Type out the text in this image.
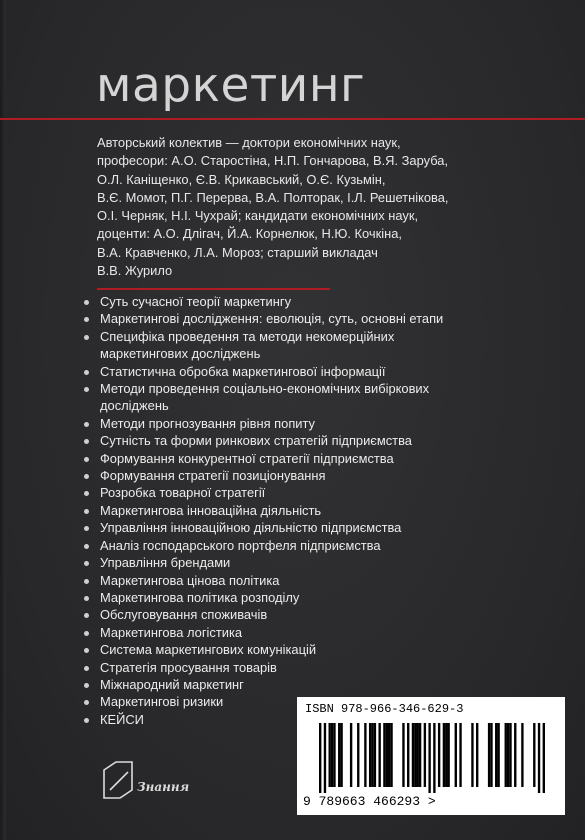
маркетинг
Авторський колектив — доктори економічних наук,
професори: А.О. Старостіна, Н.П. Гончарова, В.Я. Заруба,
О.Л. Каніщенко, Є.В. Крикавський, О.Є. Кузьмін,
В.Є. Момот, П.Г. Перерва, В.А. Полторак, І.Л. Решетнікова,
О.І. Черняк, Н.І. Чухрай; кандидати економічних наук,
доценти: А.О. Длігач, Й.А. Корнелюк, Н.Ю. Кочкіна,
В.А. Кравченко, Л.А. Мороз; старший викладач
В.В. Журило
Суть сучасної теорії маркетингу
Маркетингові дослідження: еволюція, суть, основні етапи
Специфіка проведення та методи некомерційних
маркетингових досліджень
Статистична обробка маркетингової інформації
Методи проведення соціально-економічних вибіркових
досліджень
Методи прогнозування рівня попиту
Сутність та форми ринкових стратегій підприємства
Формування конкурентної стратегії підприємства
Формування стратегії позиціонування
Розробка товарної стратегії
Маркетингова інноваційна діяльність
Управління інноваційною діяльністю підприємства
Аналіз господарського портфеля підприємства
Управління брендами
Маркетингова цінова політика
Маркетингова політика розподілу
Обслуговування споживачів
Маркетингова логістика
Система маркетингових комунікацій
Стратегія просування товарів
Міжнародний маркетинг
Маркетингові ризики
КЕЙСИ
ISBN 978-966-346-629-3
9 789663 466293 >
Знання
